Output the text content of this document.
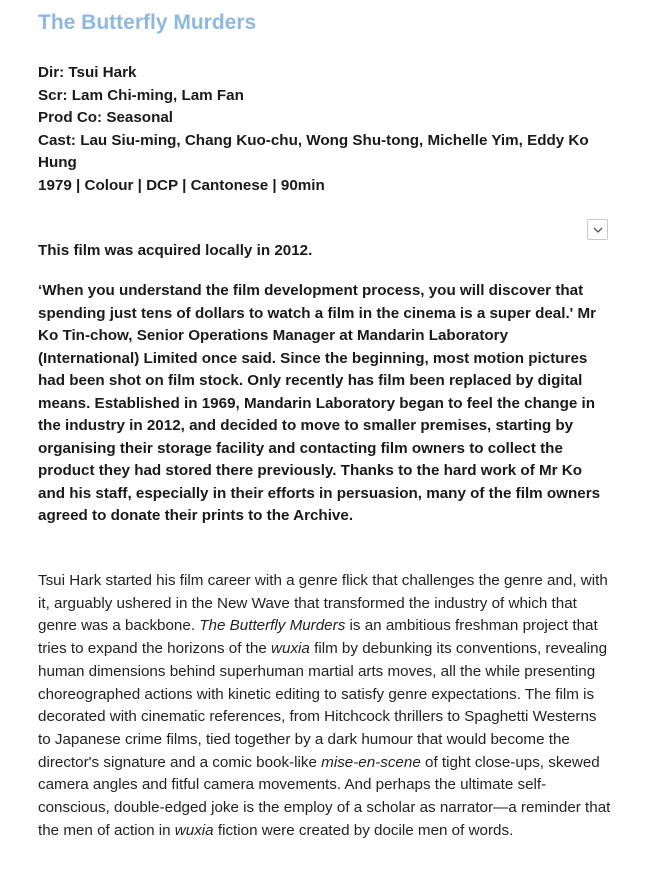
The Butterfly Murders
Dir: Tsui Hark
Scr: Lam Chi-ming, Lam Fan
Prod Co: Seasonal
Cast: Lau Siu-ming, Chang Kuo-chu, Wong Shu-tong, Michelle Yim, Eddy Ko Hung
1979 | Colour | DCP | Cantonese | 90min
This film was acquired locally in 2012.
‘When you understand the film development process, you will discover that spending just tens of dollars to watch a film in the cinema is a super deal.' Mr Ko Tin-chow, Senior Operations Manager at Mandarin Laboratory (International) Limited once said. Since the beginning, most motion pictures had been shot on film stock. Only recently has film been replaced by digital means. Established in 1969, Mandarin Laboratory began to feel the change in the industry in 2012, and decided to move to smaller premises, starting by organising their storage facility and contacting film owners to collect the product they had stored there previously. Thanks to the hard work of Mr Ko and his staff, especially in their efforts in persuasion, many of the film owners agreed to donate their prints to the Archive.
Tsui Hark started his film career with a genre flick that challenges the genre and, with it, arguably ushered in the New Wave that transformed the industry of which that genre was a backbone. The Butterfly Murders is an ambitious freshman project that tries to expand the horizons of the wuxia film by debunking its conventions, revealing human dimensions behind superhuman martial arts moves, all the while presenting choreographed actions with kinetic editing to satisfy genre expectations. The film is decorated with cinematic references, from Hitchcock thrillers to Spaghetti Westerns to Japanese crime films, tied together by a dark humour that would become the director's signature and a comic book-like mise-en-scene of tight close-ups, skewed camera angles and fitful camera movements. And perhaps the ultimate self-conscious, double-edged joke is the employ of a scholar as narrator—a reminder that the men of action in wuxia fiction were created by docile men of words.
